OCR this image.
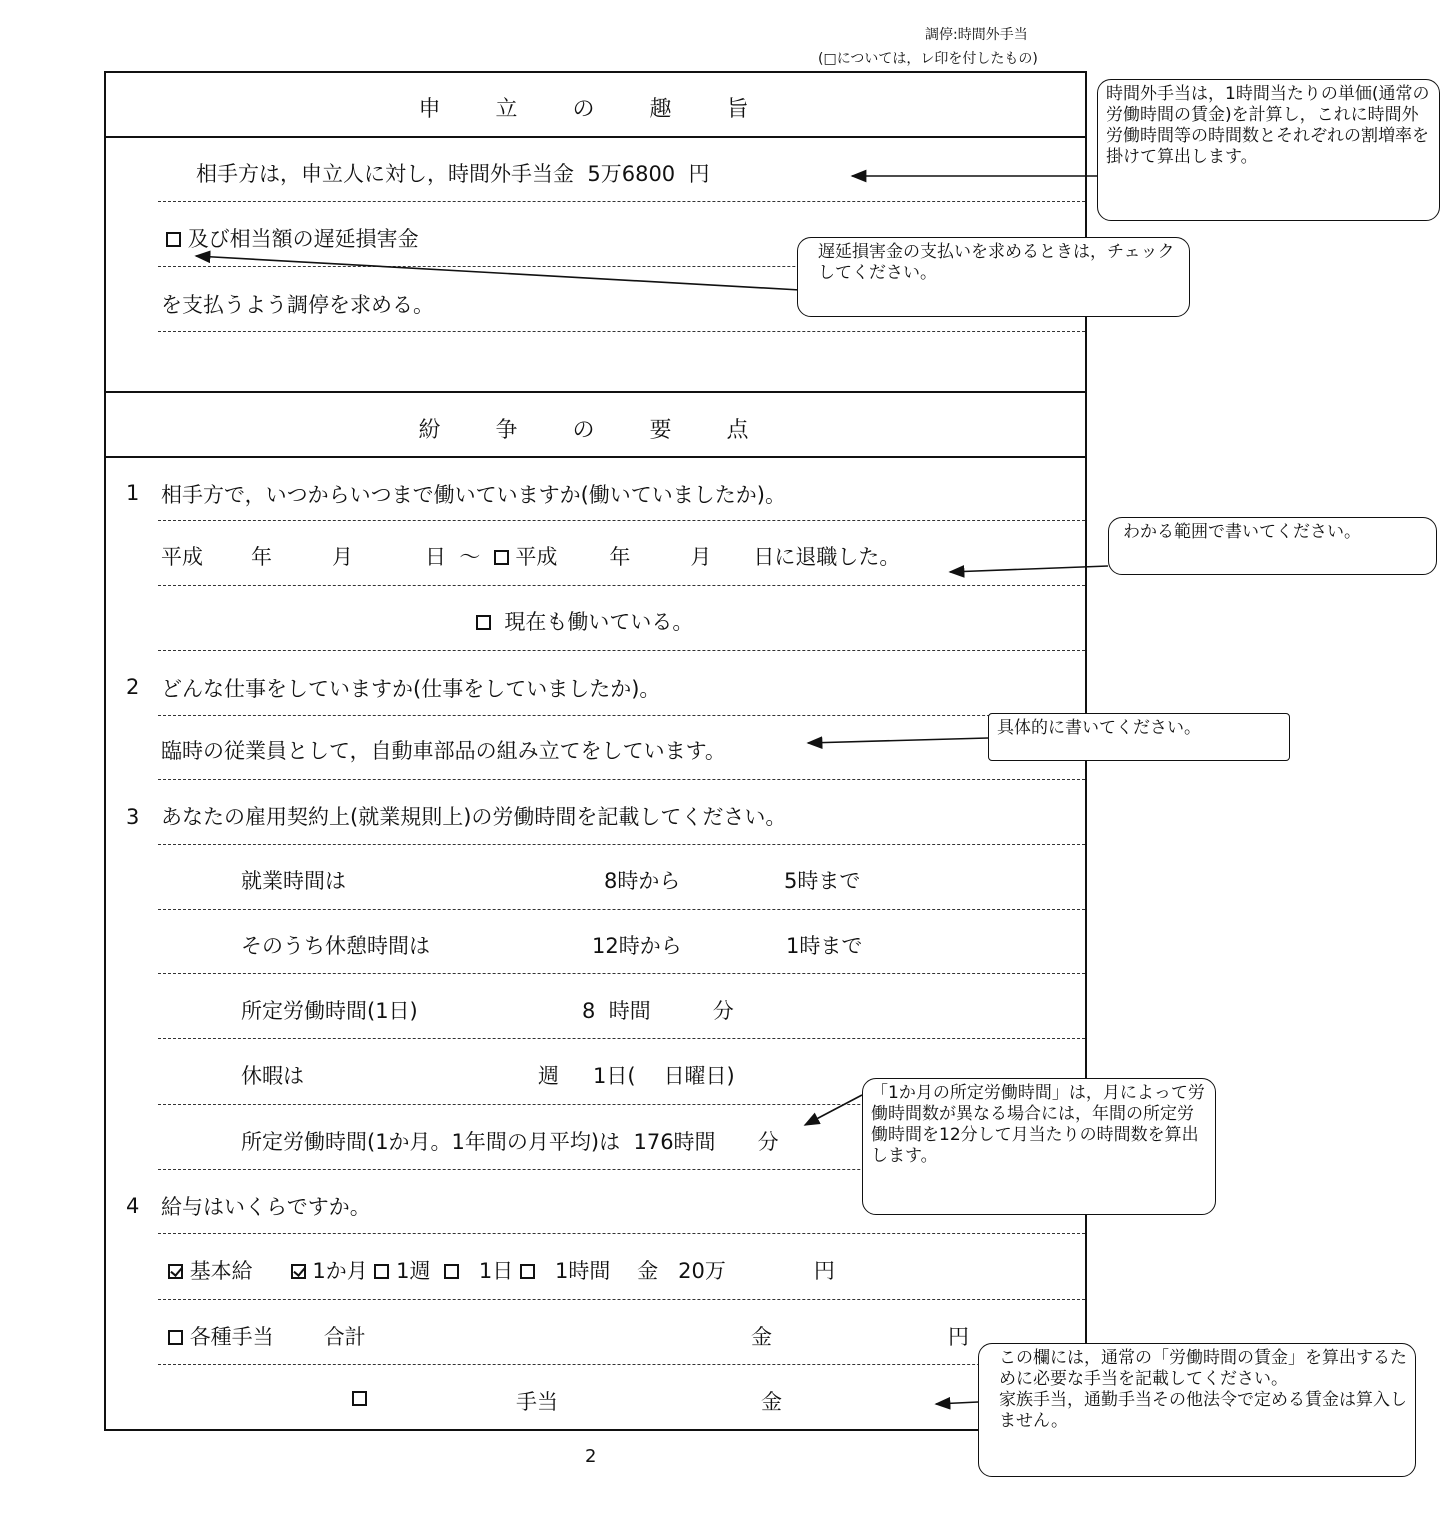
調停:時間外手当
(□については，レ印を付したもの)
申 立 の 趣 旨
相手方は，申立人に対し，時間外手当金 5万6800 円
及び相当額の遅延損害金
を支払うよう調停を求める。
紛 争 の 要 点
1 相手方で，いつからいつまで働いていますか(働いていましたか)。
平成 年	月	日 ～ 平成 年	月 日に退職した。
現在も働いている。
2 どんな仕事をしていますか(仕事をしていましたか)。
臨時の従業員として，自動車部品の組み立てをしています。
3 あなたの雇用契約上(就業規則上)の労働時間を記載してください。
就業時間は	8時から	5時まで
そのうち休憩時間は	12時から	1時まで
所定労働時間(1日)	8 時間	分
休暇は	週 1日( 日曜日)
所定労働時間(1か月。1年間の月平均)は 176時間 分
4 給与はいくらですか。
基本給	1か月 1週 1日 1時間 金 20万	円
各種手当 合計	金	円
手当	金
時間外手当は，1時間当たりの単価(通常の労働時間の賃金)を計算し，これに時間外労働時間等の時間数とそれぞれの割増率を掛けて算出します。
遅延損害金の支払いを求めるときは，チェックしてください。
わかる範囲で書いてください。
具体的に書いてください。
「1か月の所定労働時間」は，月によって労働時間数が異なる場合には，年間の所定労働時間を12分して月当たりの時間数を算出します。
この欄には，通常の「労働時間の賃金」を算出するために必要な手当を記載してください。
家族手当，通勤手当その他法令で定める賃金は算入しません。
2
